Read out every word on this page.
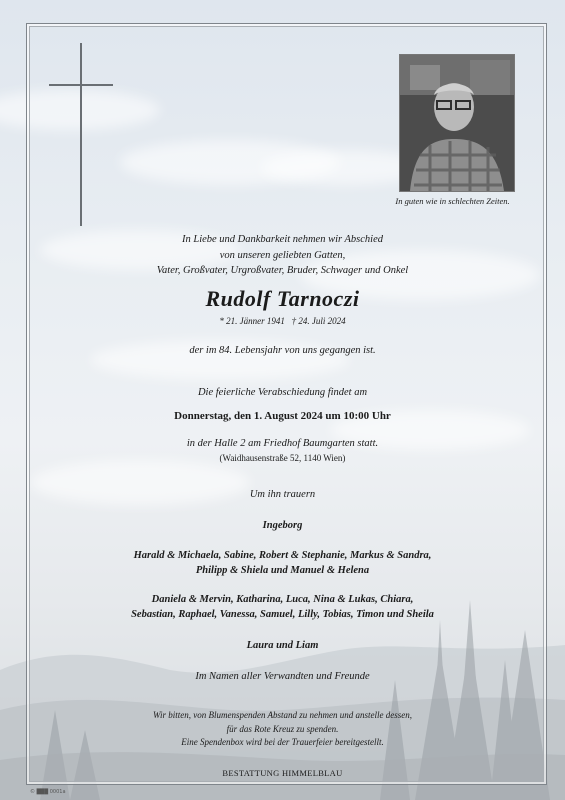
In guten wie in schlechten Zeiten.
In Liebe und Dankbarkeit nehmen wir Abschied
von unseren geliebten Gatten,
Vater, Großvater, Urgroßvater, Bruder, Schwager und Onkel
Rudolf Tarnoczi
* 21. Jänner 1941   † 24. Juli 2024
der im 84. Lebensjahr von uns gegangen ist.
Die feierliche Verabschiedung findet am
Donnerstag, den 1. August 2024 um 10:00 Uhr
in der Halle 2 am Friedhof Baumgarten statt.
(Waidhausenstraße 52, 1140 Wien)
Um ihn trauern
Ingeborg
Harald & Michaela, Sabine, Robert & Stephanie, Markus & Sandra,
Philipp & Shiela und Manuel & Helena
Daniela & Mervin, Katharina, Luca, Nina & Lukas, Chiara,
Sebastian, Raphael, Vanessa, Samuel, Lilly, Tobias, Timon und Sheila
Laura und Liam
Im Namen aller Verwandten und Freunde
Wir bitten, von Blumenspenden Abstand zu nehmen und anstelle dessen,
für das Rote Kreuz zu spenden.
Eine Spendenbox wird bei der Trauerfeier bereitgestellt.
BESTATTUNG HIMMELBLAU
© ███ 0001a
